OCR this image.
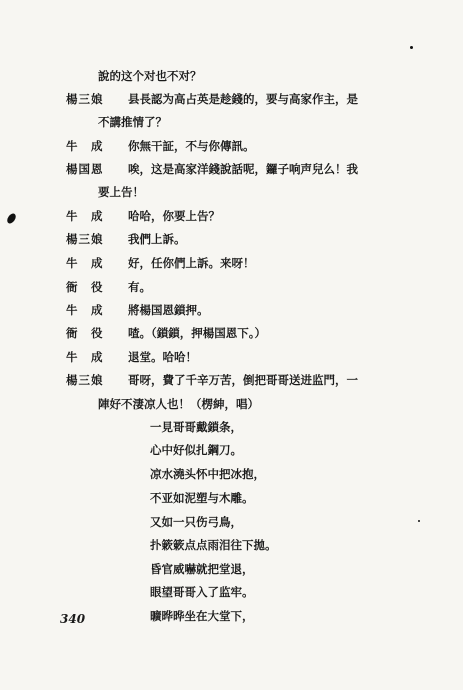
說的这个对也不对？
楊三娘	县長認为高占英是趁錢的，要与高家作主，是
不講推情了？
牛　成	你無干証，不与你傳訊。
楊国恩	唉，这是高家洋錢說話呢，鑼子响声兒么！我
要上告！
牛　成	哈哈，你要上告？
楊三娘	我們上訴。
牛　成	好，任你們上訴。来呀！
衙　役	有。
牛　成	將楊国恩鎖押。
衙　役	喳。（鎖鎖，押楊国恩下。）
牛　成	退堂。哈哈！
楊三娘	哥呀，費了千辛万苦，倒把哥哥送进监門，一
陣好不淒凉人也！（楞紳，唱）
一見哥哥戴鎖条，
心中好似扎鋼刀。
凉水澆头怀中把冰抱，
不亚如泥塑与木雕。
又如一只伤弓鳥，
扑簌簌点点雨泪往下拋。
昏官威嚇就把堂退，
眼望哥哥入了监牢。
曠晔晔坐在大堂下，
340
